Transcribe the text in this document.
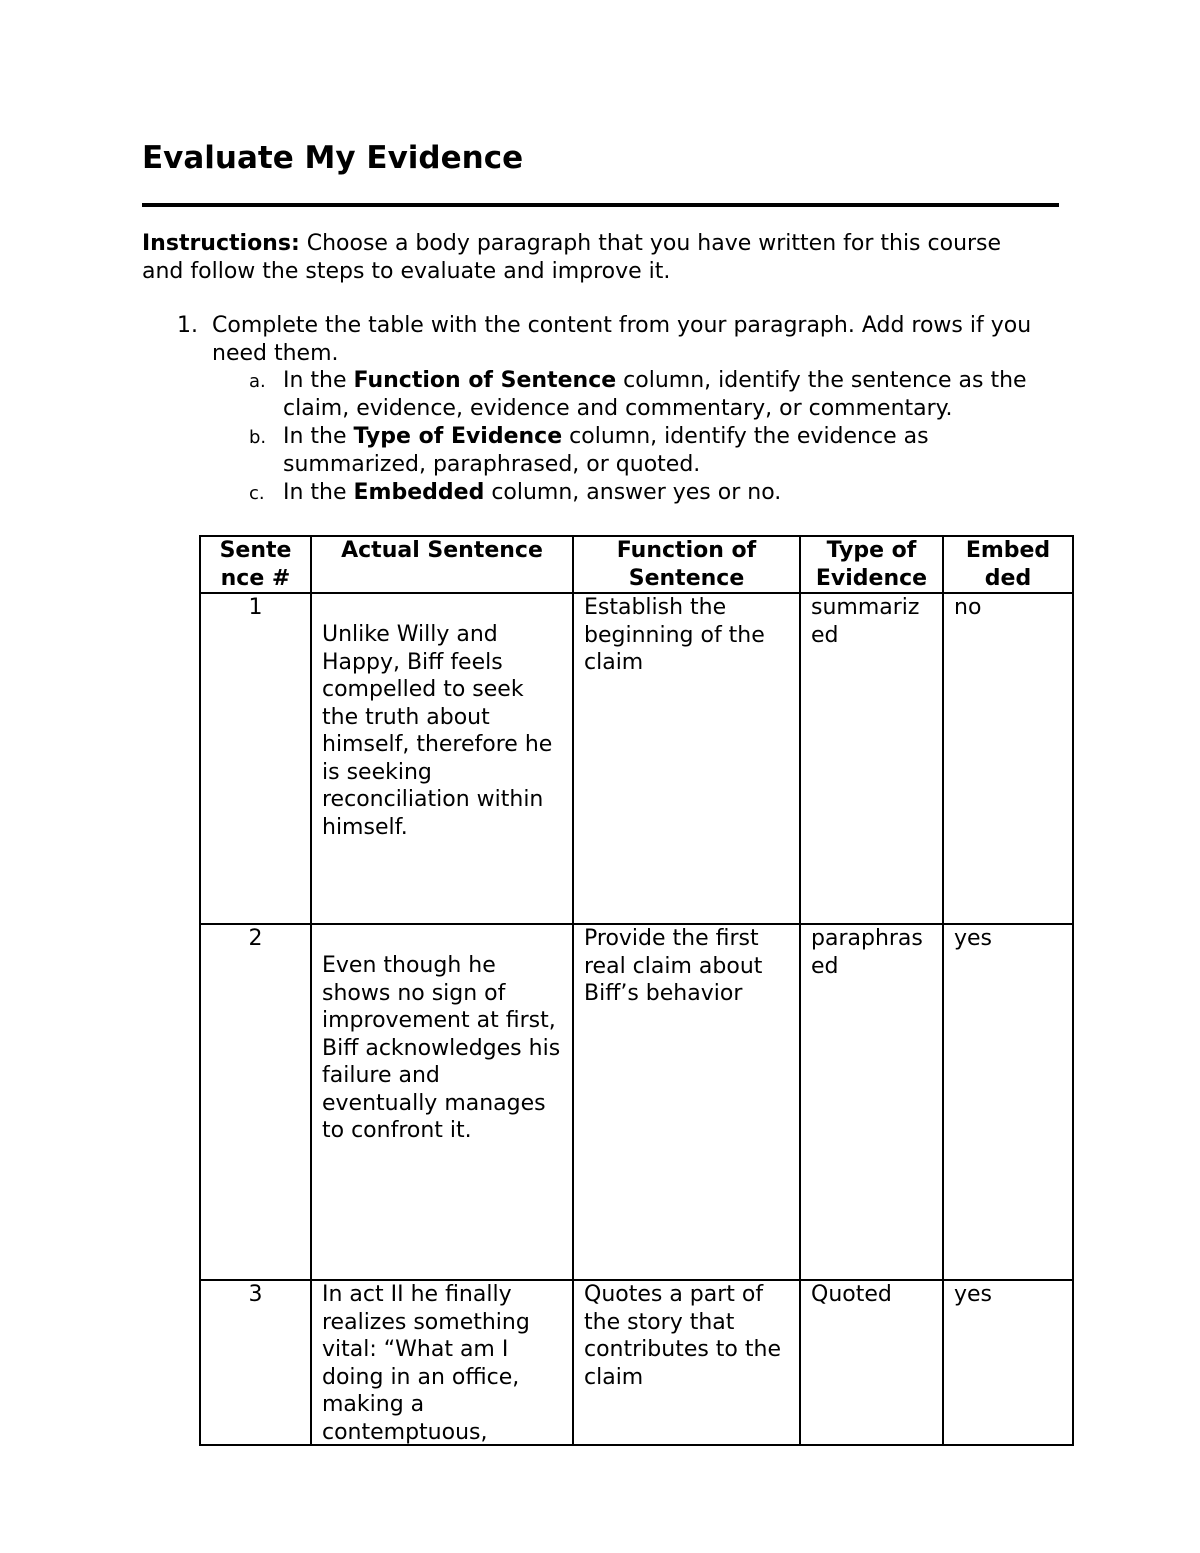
Evaluate My Evidence
Instructions: Choose a body paragraph that you have written for this course and follow the steps to evaluate and improve it.
1. Complete the table with the content from your paragraph. Add rows if you need them.
a. In the Function of Sentence column, identify the sentence as the claim, evidence, evidence and commentary, or commentary.
b. In the Type of Evidence column, identify the evidence as summarized, paraphrased, or quoted.
c. In the Embedded column, answer yes or no.
Sente nce #	Actual Sentence	Function of Sentence	Type of Evidence	Embed ded
1	Unlike Willy and Happy, Biff feels compelled to seek the truth about himself, therefore he is seeking reconciliation within himself.	Establish the beginning of the claim	summariz ed	no
2	Even though he shows no sign of improvement at first, Biff acknowledges his failure and eventually manages to confront it.	Provide the first real claim about Biff’s behavior	paraphras ed	yes
3	In act II he finally realizes something vital: “What am I doing in an office, making a contemptuous,	Quotes a part of the story that contributes to the claim	Quoted	yes
